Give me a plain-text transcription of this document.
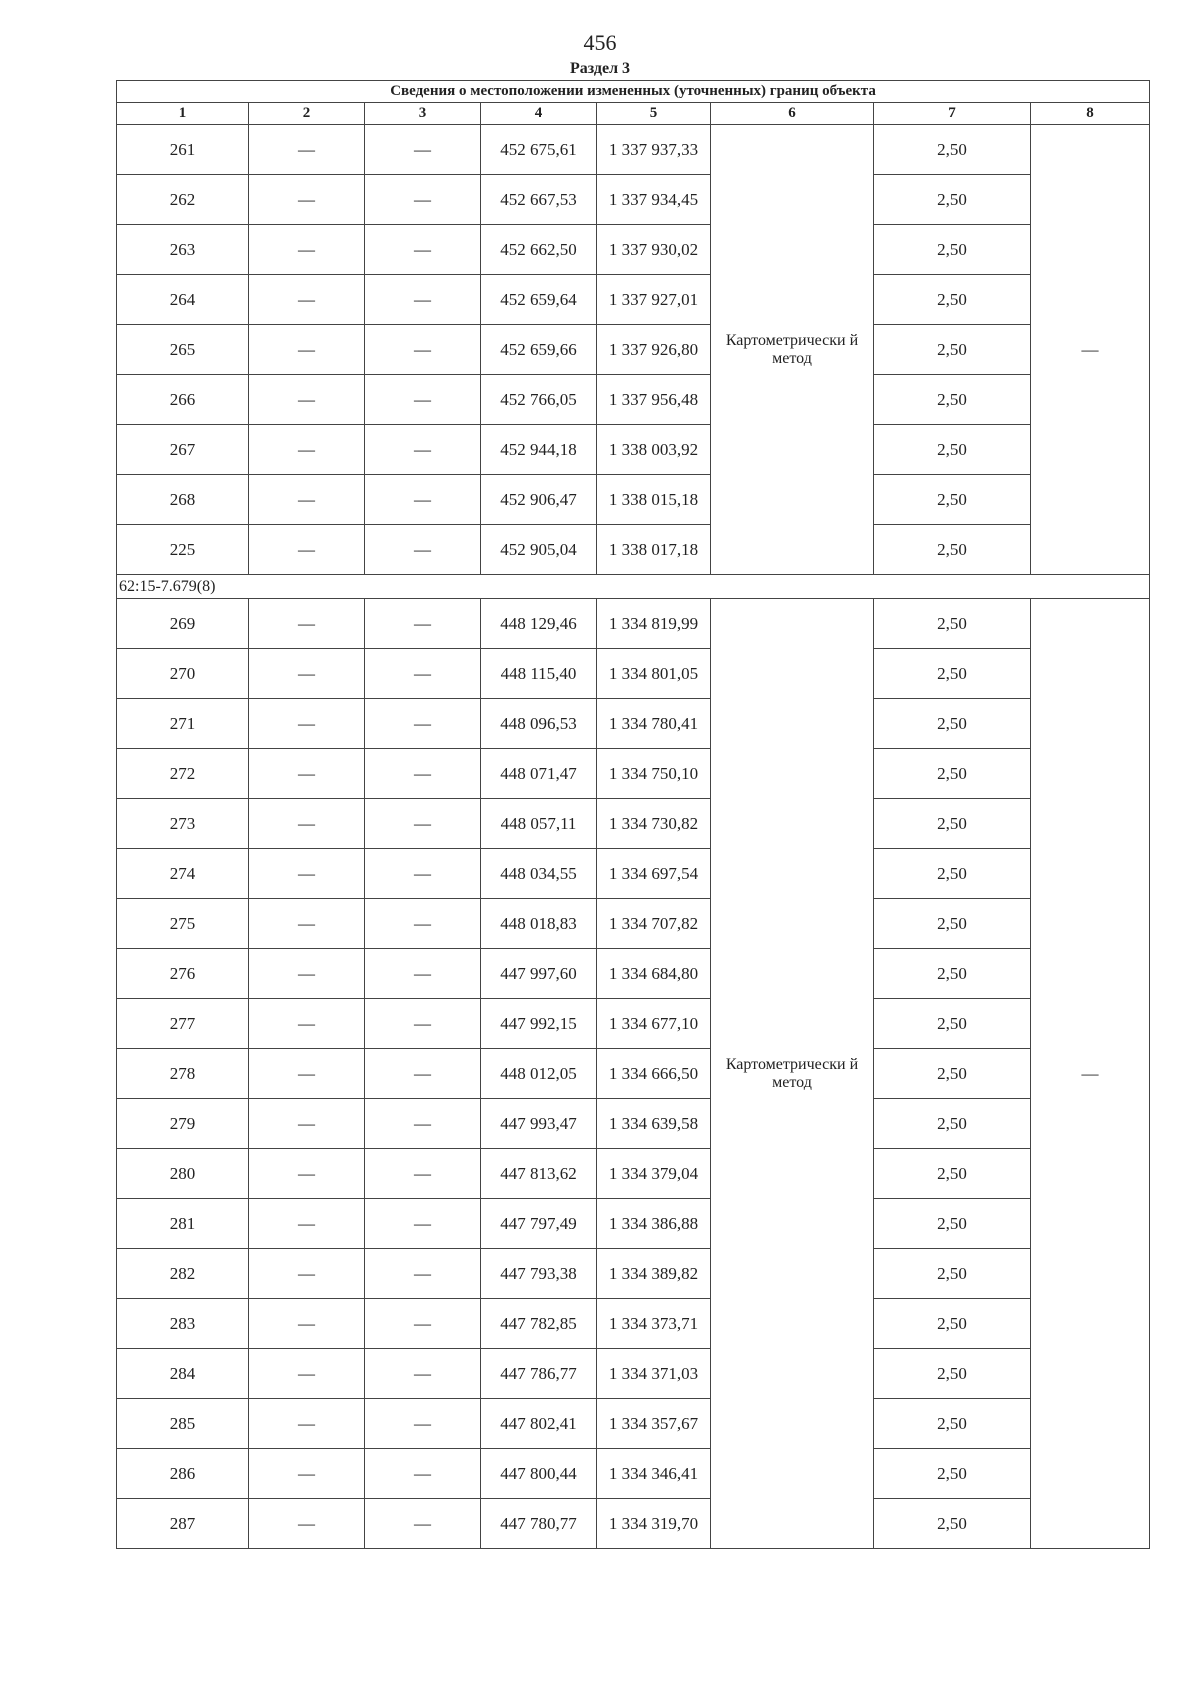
456
Раздел 3
Сведения о местоположении измененных (уточненных) границ объекта							
1	2	3	4	5	6	7	8
261	—	—	452 675,61	1 337 937,33	Картометрически й метод	2,50	—
262	—	—	452 667,53	1 337 934,45		2,50	
263	—	—	452 662,50	1 337 930,02		2,50	
264	—	—	452 659,64	1 337 927,01		2,50	
265	—	—	452 659,66	1 337 926,80		2,50	
266	—	—	452 766,05	1 337 956,48		2,50	
267	—	—	452 944,18	1 338 003,92		2,50	
268	—	—	452 906,47	1 338 015,18		2,50	
225	—	—	452 905,04	1 338 017,18		2,50	
62:15-7.679(8)							
269	—	—	448 129,46	1 334 819,99	Картометрически й метод	2,50	—
270	—	—	448 115,40	1 334 801,05		2,50	
271	—	—	448 096,53	1 334 780,41		2,50	
272	—	—	448 071,47	1 334 750,10		2,50	
273	—	—	448 057,11	1 334 730,82		2,50	
274	—	—	448 034,55	1 334 697,54		2,50	
275	—	—	448 018,83	1 334 707,82		2,50	
276	—	—	447 997,60	1 334 684,80		2,50	
277	—	—	447 992,15	1 334 677,10		2,50	
278	—	—	448 012,05	1 334 666,50		2,50	
279	—	—	447 993,47	1 334 639,58		2,50	
280	—	—	447 813,62	1 334 379,04		2,50	
281	—	—	447 797,49	1 334 386,88		2,50	
282	—	—	447 793,38	1 334 389,82		2,50	
283	—	—	447 782,85	1 334 373,71		2,50	
284	—	—	447 786,77	1 334 371,03		2,50	
285	—	—	447 802,41	1 334 357,67		2,50	
286	—	—	447 800,44	1 334 346,41		2,50	
287	—	—	447 780,77	1 334 319,70		2,50	
